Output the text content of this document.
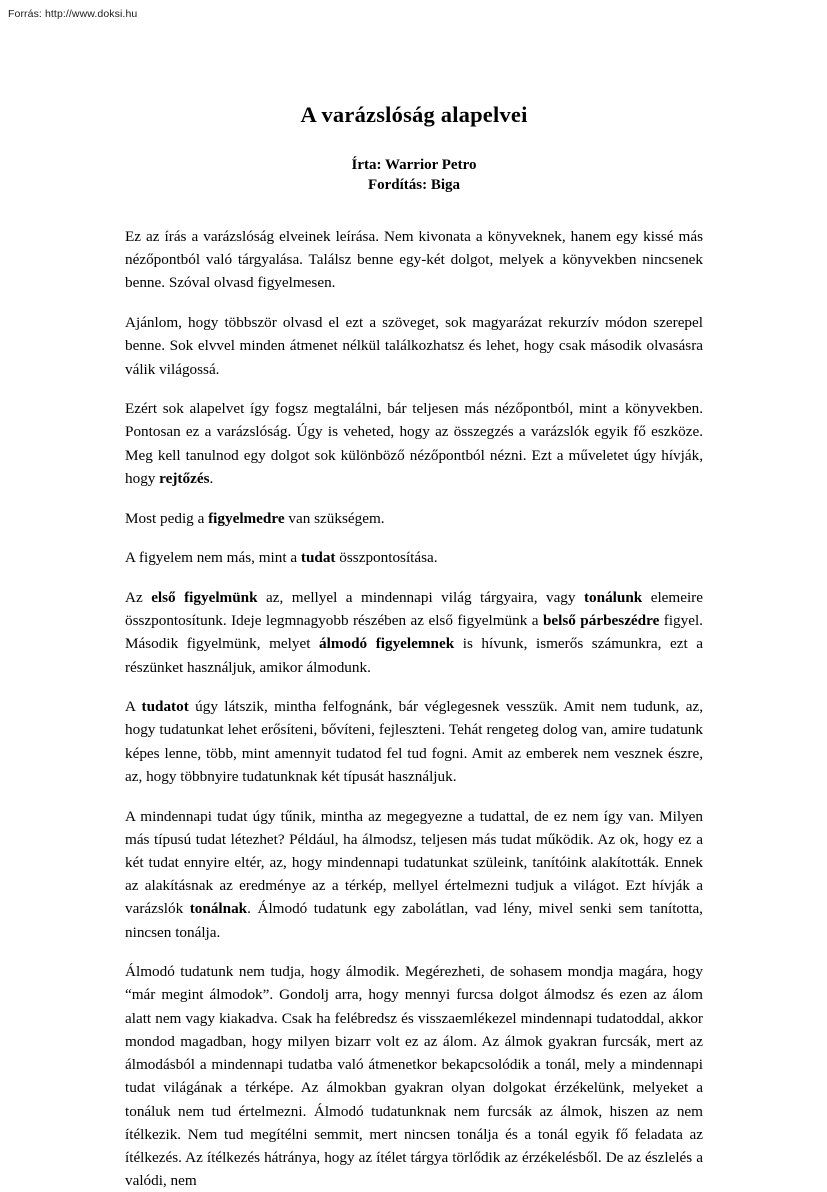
Forrás: http://www.doksi.hu
A varázslóság alapelvei
Írta: Warrior Petro
Fordítás: Biga

Ez az írás a varázslóság elveinek leírása. Nem kivonata a könyveknek, hanem egy kissé más nézőpontból való tárgyalása. Találsz benne egy-két dolgot, melyek a könyvekben nincsenek benne. Szóval olvasd figyelmesen.

Ajánlom, hogy többször olvasd el ezt a szöveget, sok magyarázat rekurzív módon szerepel benne. Sok elvvel minden átmenet nélkül találkozhatsz és lehet, hogy csak második olvasásra válik világossá.

Ezért sok alapelvet így fogsz megtalálni, bár teljesen más nézőpontból, mint a könyvekben. Pontosan ez a varázslóság. Úgy is veheted, hogy az összegzés a varázslók egyik fő eszköze. Meg kell tanulnod egy dolgot sok különböző nézőpontból nézni. Ezt a műveletet úgy hívják, hogy rejtőzés.

Most pedig a figyelmedre van szükségem.

A figyelem nem más, mint a tudat összpontosítása.

Az első figyelmünk az, mellyel a mindennapi világ tárgyaira, vagy tonálunk elemeire összpontosítunk. Ideje legmnagyobb részében az első figyelmünk a belső párbeszédre figyel. Második figyelmünk, melyet álmodó figyelemnek is hívunk, ismerős számunkra, ezt a részünket használjuk, amikor álmodunk.

A tudatot úgy látszik, mintha felfognánk, bár véglegesnek vesszük. Amit nem tudunk, az, hogy tudatunkat lehet erősíteni, bővíteni, fejleszteni. Tehát rengeteg dolog van, amire tudatunk képes lenne, több, mint amennyit tudatod fel tud fogni. Amit az emberek nem vesznek észre, az, hogy többnyire tudatunknak két típusát használjuk.

A mindennapi tudat úgy tűnik, mintha az megegyezne a tudattal, de ez nem így van. Milyen más típusú tudat létezhet? Például, ha álmodsz, teljesen más tudat működik. Az ok, hogy ez a két tudat ennyire eltér, az, hogy mindennapi tudatunkat szüleink, tanítóink alakították. Ennek az alakításnak az eredménye az a térkép, mellyel értelmezni tudjuk a világot. Ezt hívják a varázslók tonálnak. Álmodó tudatunk egy zabolátlan, vad lény, mivel senki sem tanította, nincsen tonálja.

Álmodó tudatunk nem tudja, hogy álmodik. Megérezheti, de sohasem mondja magára, hogy “már megint álmodok”. Gondolj arra, hogy mennyi furcsa dolgot álmodsz és ezen az álom alatt nem vagy kiakadva. Csak ha felébredsz és visszaemlékezel mindennapi tudatoddal, akkor mondod magadban, hogy milyen bizarr volt ez az álom. Az álmok gyakran furcsák, mert az álmodásból a mindennapi tudatba való átmenetkor bekapcsolódik a tonál, mely a mindennapi tudat világának a térképe. Az álmokban gyakran olyan dolgokat érzékelünk, melyeket a tonáluk nem tud értelmezni. Álmodó tudatunknak nem furcsák az álmok, hiszen az nem ítélkezik. Nem tud megítélni semmit, mert nincsen tonálja és a tonál egyik fő feladata az ítélkezés. Az ítélkezés hátránya, hogy az ítélet tárgya törlődik az érzékelésből. De az észlelés a valódi, nem
